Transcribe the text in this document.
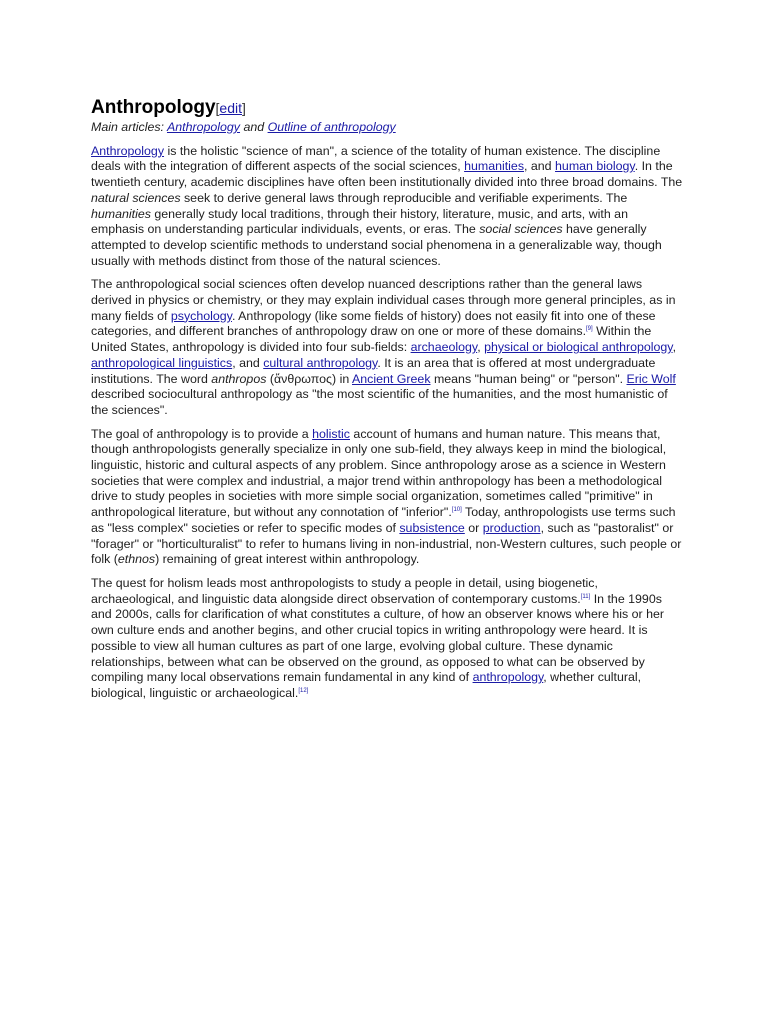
Anthropology[edit]
Main articles: Anthropology and Outline of anthropology

Anthropology is the holistic "science of man", a science of the totality of human existence. The discipline deals with the integration of different aspects of the social sciences, humanities, and human biology. In the twentieth century, academic disciplines have often been institutionally divided into three broad domains. The natural sciences seek to derive general laws through reproducible and verifiable experiments. The humanities generally study local traditions, through their history, literature, music, and arts, with an emphasis on understanding particular individuals, events, or eras. The social sciences have generally attempted to develop scientific methods to understand social phenomena in a generalizable way, though usually with methods distinct from those of the natural sciences.

The anthropological social sciences often develop nuanced descriptions rather than the general laws derived in physics or chemistry, or they may explain individual cases through more general principles, as in many fields of psychology. Anthropology (like some fields of history) does not easily fit into one of these categories, and different branches of anthropology draw on one or more of these domains.[9] Within the United States, anthropology is divided into four sub-fields: archaeology, physical or biological anthropology, anthropological linguistics, and cultural anthropology. It is an area that is offered at most undergraduate institutions. The word anthropos (ἄνθρωπος) in Ancient Greek means "human being" or "person". Eric Wolf described sociocultural anthropology as "the most scientific of the humanities, and the most humanistic of the sciences".

The goal of anthropology is to provide a holistic account of humans and human nature. This means that, though anthropologists generally specialize in only one sub-field, they always keep in mind the biological, linguistic, historic and cultural aspects of any problem. Since anthropology arose as a science in Western societies that were complex and industrial, a major trend within anthropology has been a methodological drive to study peoples in societies with more simple social organization, sometimes called "primitive" in anthropological literature, but without any connotation of "inferior".[10] Today, anthropologists use terms such as "less complex" societies or refer to specific modes of subsistence or production, such as "pastoralist" or "forager" or "horticulturalist" to refer to humans living in non-industrial, non-Western cultures, such people or folk (ethnos) remaining of great interest within anthropology.

The quest for holism leads most anthropologists to study a people in detail, using biogenetic, archaeological, and linguistic data alongside direct observation of contemporary customs.[11] In the 1990s and 2000s, calls for clarification of what constitutes a culture, of how an observer knows where his or her own culture ends and another begins, and other crucial topics in writing anthropology were heard. It is possible to view all human cultures as part of one large, evolving global culture. These dynamic relationships, between what can be observed on the ground, as opposed to what can be observed by compiling many local observations remain fundamental in any kind of anthropology, whether cultural, biological, linguistic or archaeological.[12]
